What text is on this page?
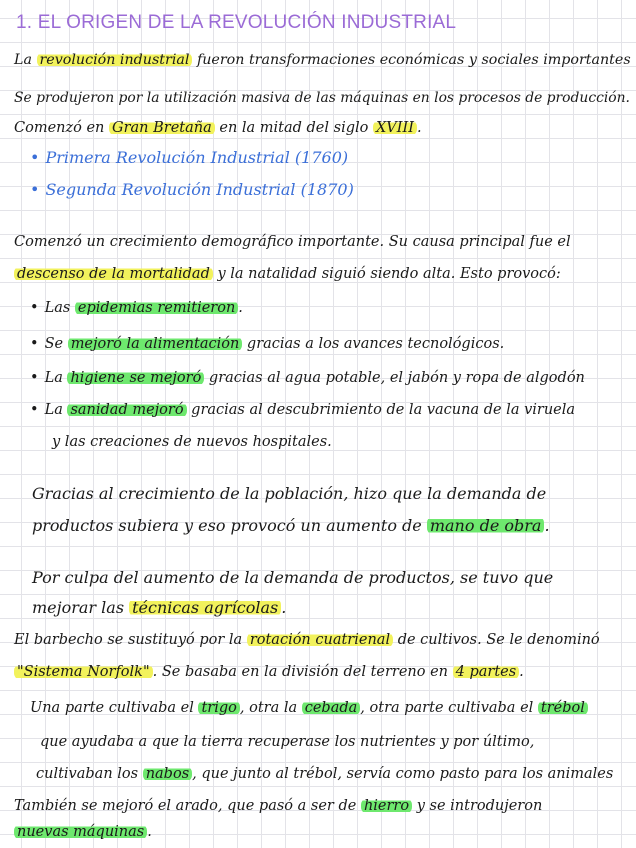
1. EL ORIGEN DE LA REVOLUCIÓN INDUSTRIAL
La revolución industrial fueron transformaciones económicas y sociales importantes
Se produjeron por la utilización masiva de las máquinas en los procesos de producción.
Comenzó en Gran Bretaña en la mitad del siglo XVIII .
• Primera Revolución Industrial (1760)
• Segunda Revolución Industrial (1870)
Comenzó un crecimiento demográfico importante. Su causa principal fue el
descenso de la mortalidad y la natalidad siguió siendo alta. Esto provocó:
• Las epidemias remitieron .
• Se mejoró la alimentación gracias a los avances tecnológicos.
• La higiene se mejoró gracias al agua potable, el jabón y ropa de algodón
• La sanidad mejoró gracias al descubrimiento de la vacuna de la viruela
y las creaciones de nuevos hospitales.
Gracias al crecimiento de la población, hizo que la demanda de
productos subiera y eso provocó un aumento de mano de obra .
Por culpa del aumento de la demanda de productos, se tuvo que
mejorar las técnicas agrícolas .
El barbecho se sustituyó por la rotación cuatrienal de cultivos. Se le denominó
"Sistema Norfolk" . Se basaba en la división del terreno en 4 partes .
Una parte cultivaba el trigo , otra la cebada , otra parte cultivaba el trébol
que ayudaba a que la tierra recuperase los nutrientes y por último,
cultivaban los nabos , que junto al trébol, servía como pasto para los animales
También se mejoró el arado, que pasó a ser de hierro y se introdujeron
nuevas máquinas .
